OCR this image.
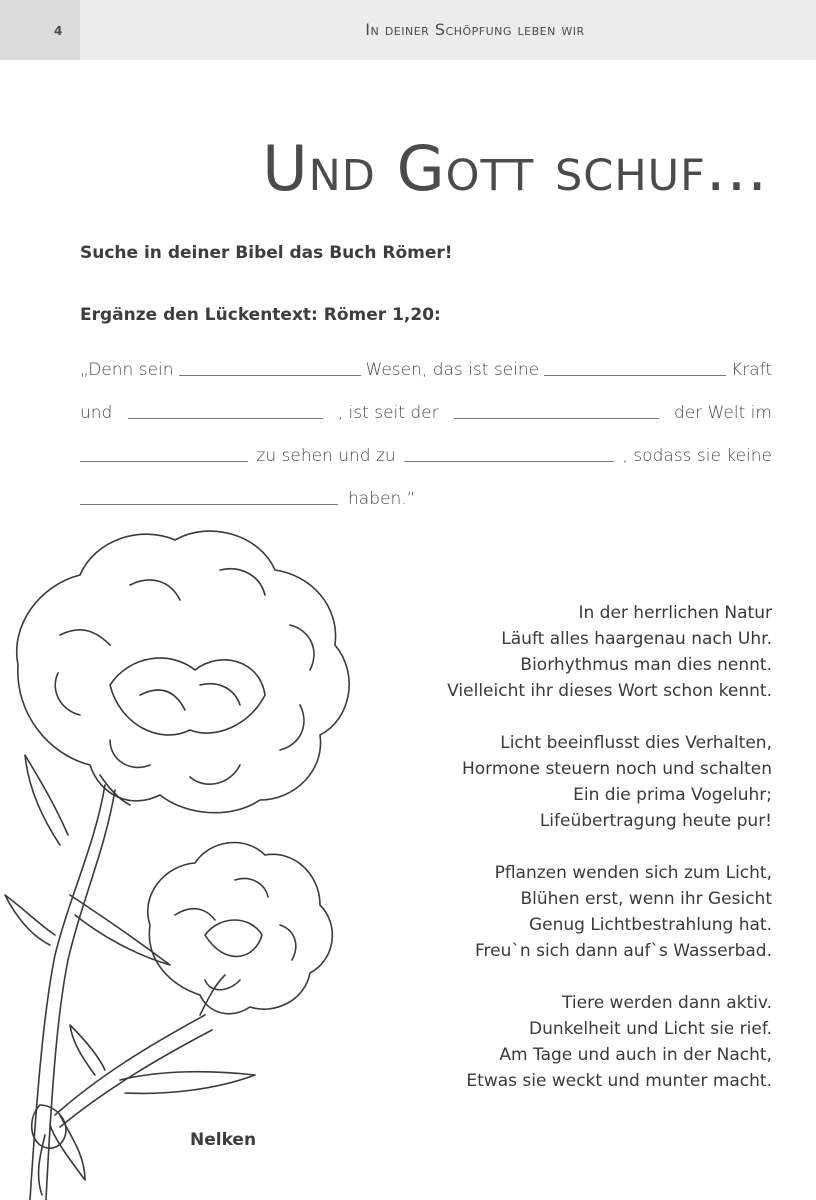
4	In deiner Schöpfung leben wir
Und Gott schuf...
Suche in deiner Bibel das Buch Römer!
Ergänze den Lückentext: Römer 1,20:
„Denn sein	Wesen, das ist seine	Kraft
und	, ist seit der	der Welt im
zu sehen und zu	, sodass sie keine
haben.“
In der herrlichen Natur
Läuft alles haargenau nach Uhr.
Biorhythmus man dies nennt.
Vielleicht ihr dieses Wort schon kennt.
Licht beeinflusst dies Verhalten,
Hormone steuern noch und schalten
Ein die prima Vogeluhr;
Lifeübertragung heute pur!
Pflanzen wenden sich zum Licht,
Blühen erst, wenn ihr Gesicht
Genug Lichtbestrahlung hat.
Freu`n sich dann auf`s Wasserbad.
Tiere werden dann aktiv.
Dunkelheit und Licht sie rief.
Am Tage und auch in der Nacht,
Etwas sie weckt und munter macht.
Nelken
